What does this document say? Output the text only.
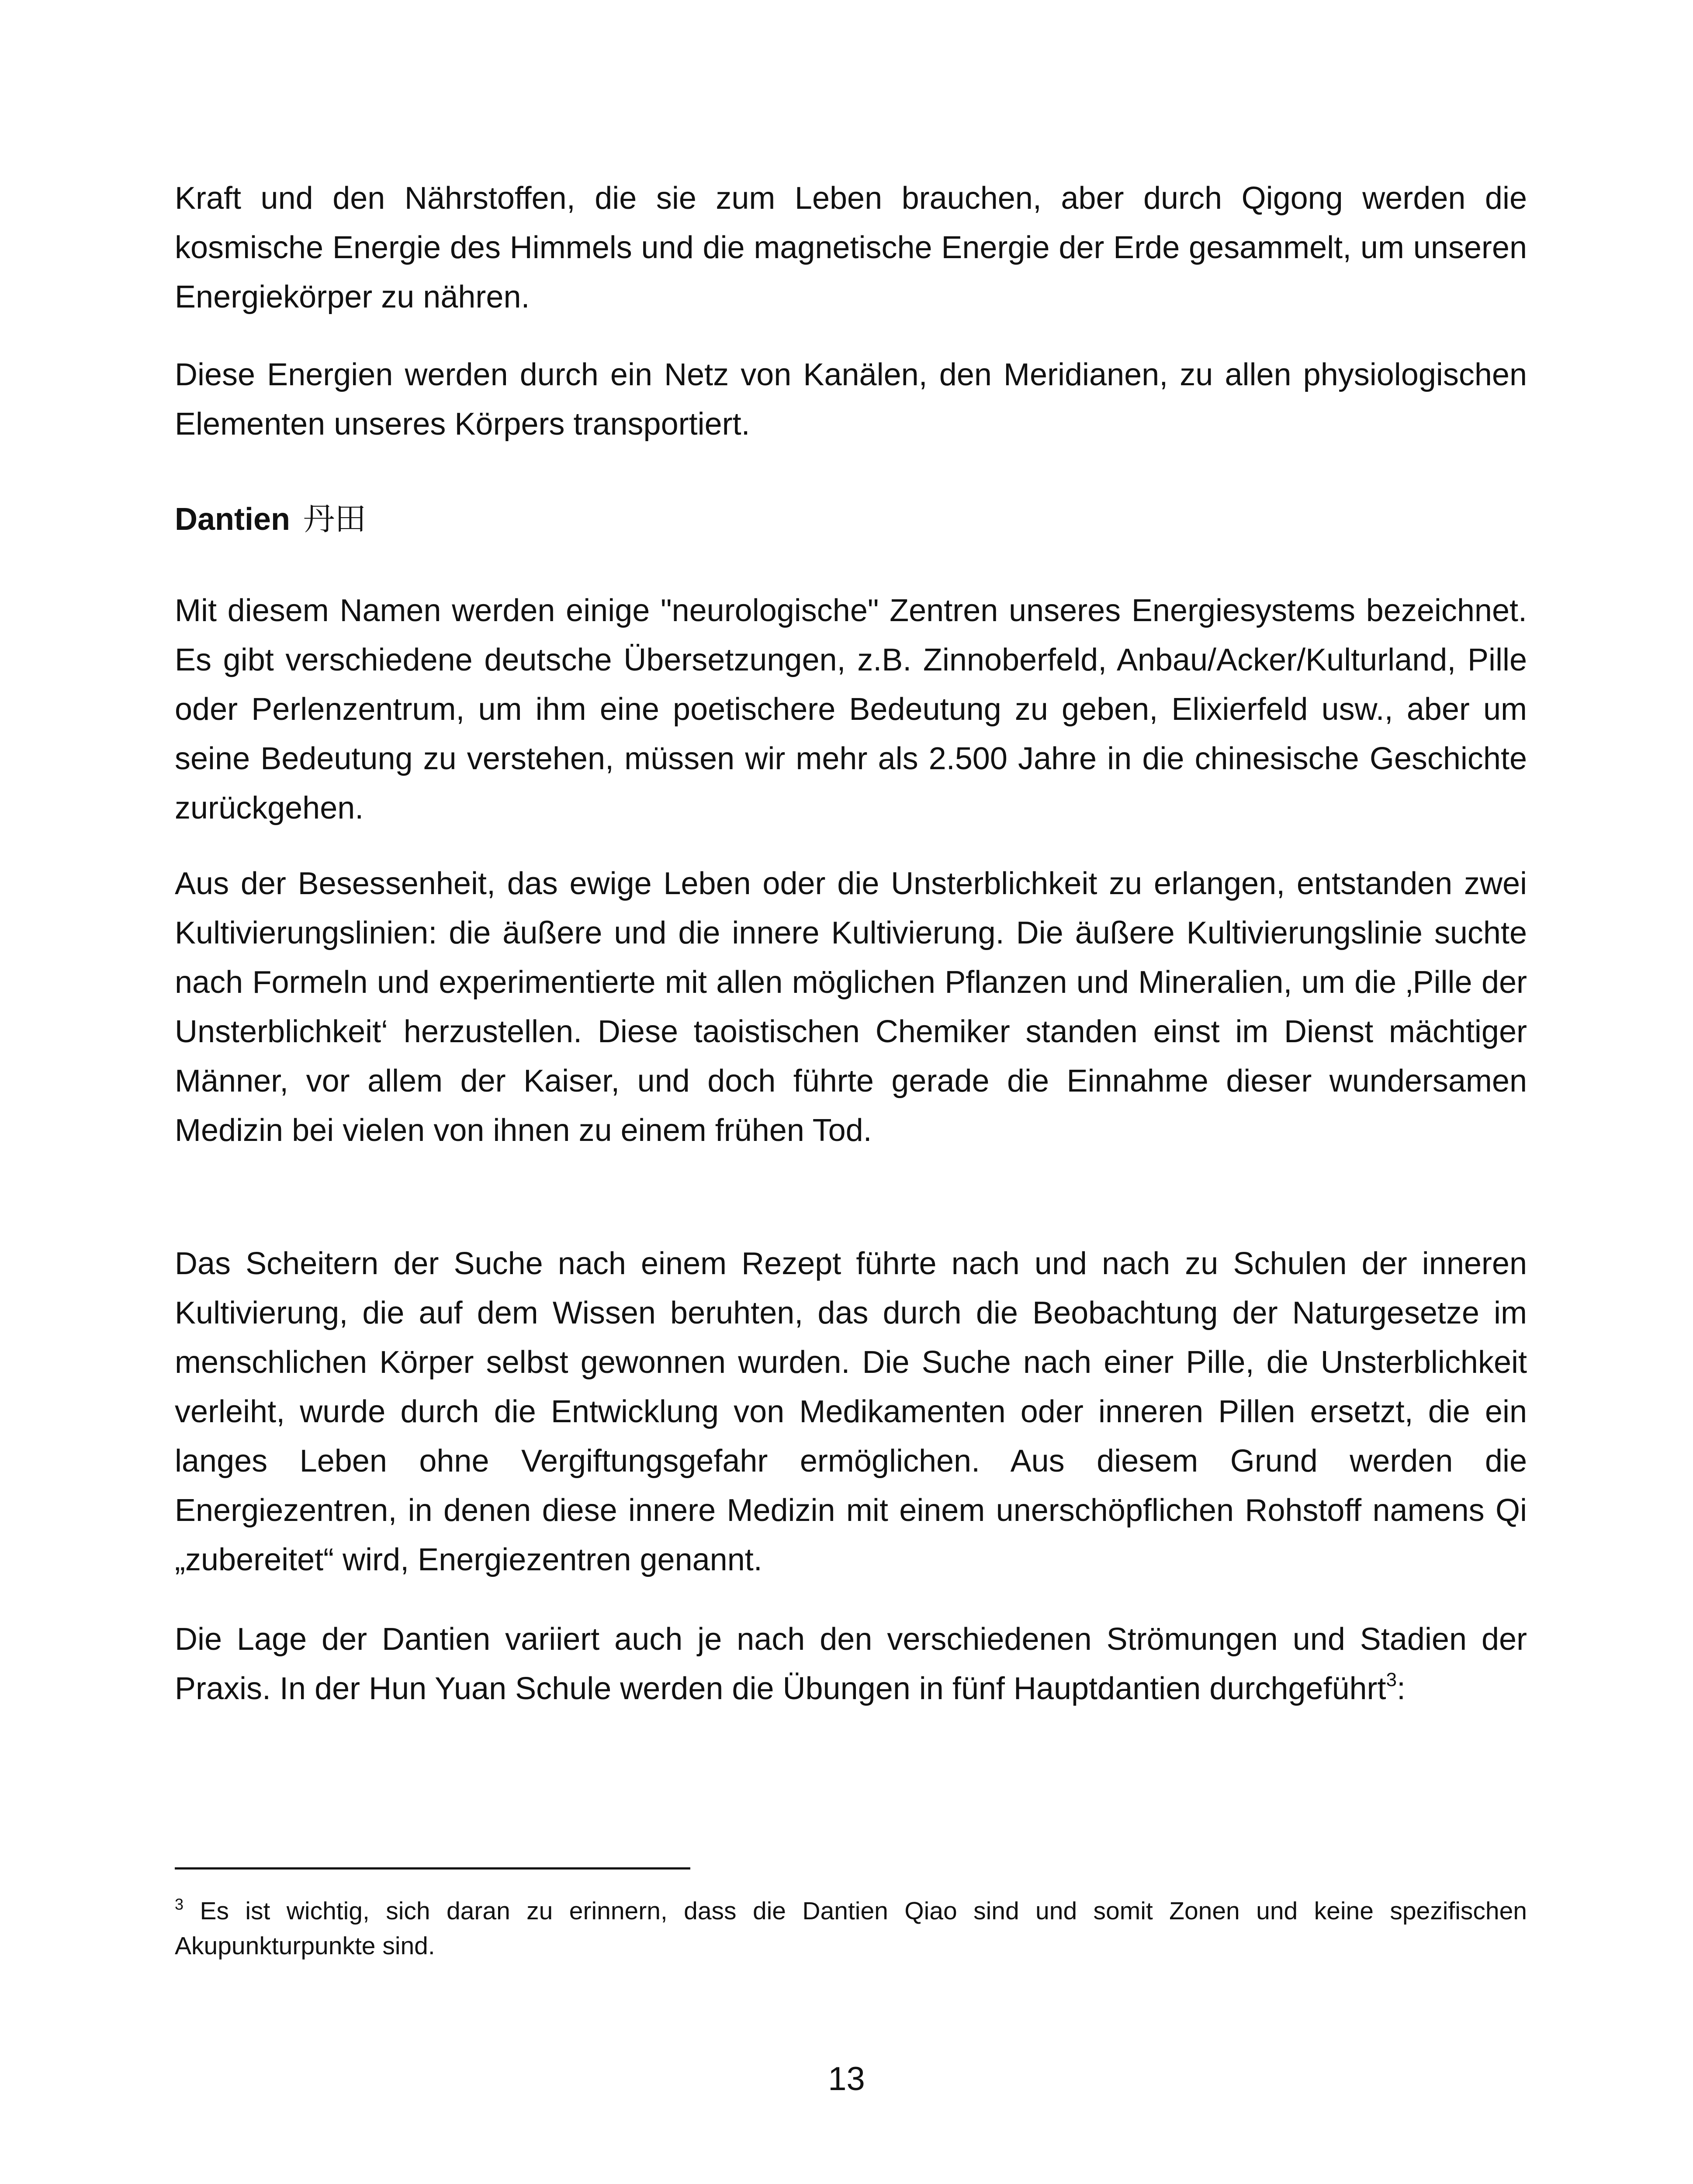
Kraft und den Nährstoffen, die sie zum Leben brauchen, aber durch Qigong werden die kosmische Energie des Himmels und die magnetische Energie der Erde gesammelt, um unseren Energiekörper zu nähren.

Diese Energien werden durch ein Netz von Kanälen, den Meridianen, zu allen physiologischen Elementen unseres Körpers transportiert.

Dantien 丹田

Mit diesem Namen werden einige "neurologische" Zentren unseres Energiesystems bezeichnet. Es gibt verschiedene deutsche Übersetzungen, z.B. Zinnoberfeld, Anbau/Acker/Kulturland, Pille oder Perlenzentrum, um ihm eine poetischere Bedeutung zu geben, Elixierfeld usw., aber um seine Bedeutung zu verstehen, müssen wir mehr als 2.500 Jahre in die chinesische Geschichte zurückgehen.

Aus der Besessenheit, das ewige Leben oder die Unsterblichkeit zu erlangen, entstanden zwei Kultivierungslinien: die äußere und die innere Kultivierung. Die äußere Kultivierungslinie suchte nach Formeln und experimentierte mit allen möglichen Pflanzen und Mineralien, um die ‚Pille der Unsterblichkeit‘ herzustellen. Diese taoistischen Chemiker standen einst im Dienst mächtiger Männer, vor allem der Kaiser, und doch führte gerade die Einnahme dieser wundersamen Medizin bei vielen von ihnen zu einem frühen Tod.

Das Scheitern der Suche nach einem Rezept führte nach und nach zu Schulen der inneren Kultivierung, die auf dem Wissen beruhten, das durch die Beobachtung der Naturgesetze im menschlichen Körper selbst gewonnen wurden. Die Suche nach einer Pille, die Unsterblichkeit verleiht, wurde durch die Entwicklung von Medikamenten oder inneren Pillen ersetzt, die ein langes Leben ohne Vergiftungsgefahr ermöglichen. Aus diesem Grund werden die Energiezentren, in denen diese innere Medizin mit einem unerschöpflichen Rohstoff namens Qi „zubereitet“ wird, Energiezentren genannt.

Die Lage der Dantien variiert auch je nach den verschiedenen Strömungen und Stadien der Praxis. In der Hun Yuan Schule werden die Übungen in fünf Hauptdantien durchgeführt$^3$:

$^3$ Es ist wichtig, sich daran zu erinnern, dass die Dantien Qiao sind und somit Zonen und keine spezifischen Akupunkturpunkte sind.

13
